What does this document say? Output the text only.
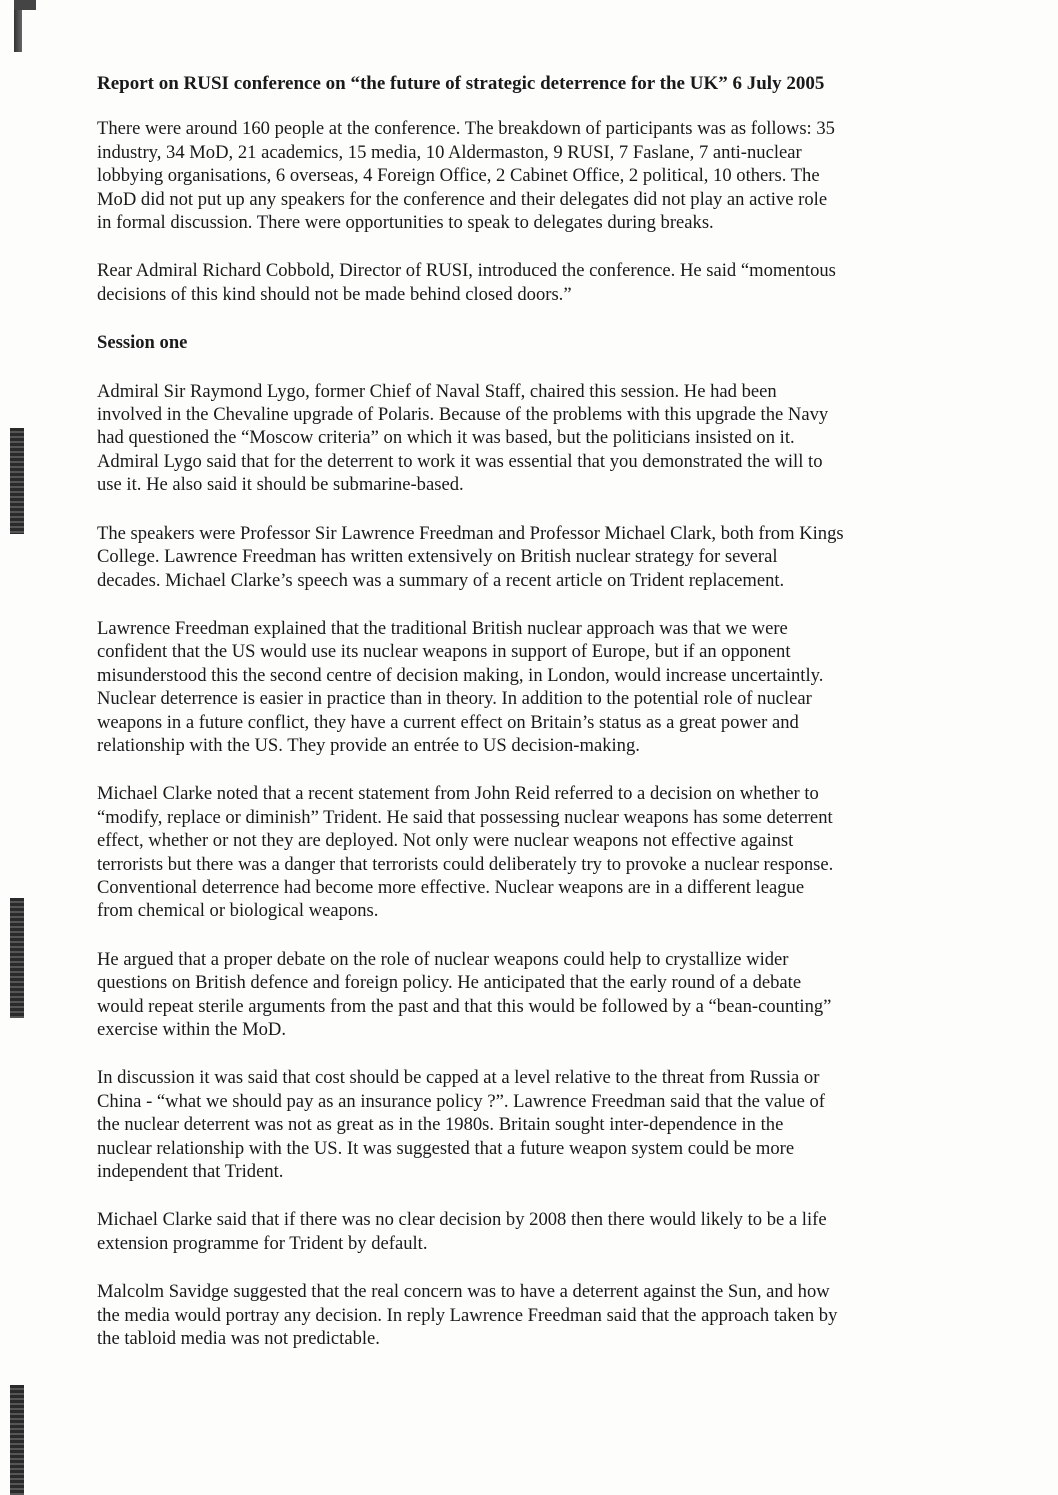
Report on RUSI conference on “the future of strategic deterrence for the UK” 6 July 2005
There were around 160 people at the conference. The breakdown of participants was as follows: 35
industry, 34 MoD, 21 academics, 15 media, 10 Aldermaston, 9 RUSI, 7 Faslane, 7 anti-nuclear
lobbying organisations, 6 overseas, 4 Foreign Office, 2 Cabinet Office, 2 political, 10 others. The
MoD did not put up any speakers for the conference and their delegates did not play an active role
in formal discussion. There were opportunities to speak to delegates during breaks.
Rear Admiral Richard Cobbold, Director of RUSI, introduced the conference. He said “momentous
decisions of this kind should not be made behind closed doors.”
Session one
Admiral Sir Raymond Lygo, former Chief of Naval Staff, chaired this session. He had been
involved in the Chevaline upgrade of Polaris. Because of the problems with this upgrade the Navy
had questioned the “Moscow criteria” on which it was based, but the politicians insisted on it.
Admiral Lygo said that for the deterrent to work it was essential that you demonstrated the will to
use it. He also said it should be submarine-based.
The speakers were Professor Sir Lawrence Freedman and Professor Michael Clark, both from Kings
College. Lawrence Freedman has written extensively on British nuclear strategy for several
decades. Michael Clarke’s speech was a summary of a recent article on Trident replacement.
Lawrence Freedman explained that the traditional British nuclear approach was that we were
confident that the US would use its nuclear weapons in support of Europe, but if an opponent
misunderstood this the second centre of decision making, in London, would increase uncertaintly.
Nuclear deterrence is easier in practice than in theory. In addition to the potential role of nuclear
weapons in a future conflict, they have a current effect on Britain’s status as a great power and
relationship with the US. They provide an entrée to US decision-making.
Michael Clarke noted that a recent statement from John Reid referred to a decision on whether to
“modify, replace or diminish” Trident. He said that possessing nuclear weapons has some deterrent
effect, whether or not they are deployed. Not only were nuclear weapons not effective against
terrorists but there was a danger that terrorists could deliberately try to provoke a nuclear response.
Conventional deterrence had become more effective. Nuclear weapons are in a different league
from chemical or biological weapons.
He argued that a proper debate on the role of nuclear weapons could help to crystallize wider
questions on British defence and foreign policy. He anticipated that the early round of a debate
would repeat sterile arguments from the past and that this would be followed by a “bean-counting”
exercise within the MoD.
In discussion it was said that cost should be capped at a level relative to the threat from Russia or
China - “what we should pay as an insurance policy ?”. Lawrence Freedman said that the value of
the nuclear deterrent was not as great as in the 1980s. Britain sought inter-dependence in the
nuclear relationship with the US. It was suggested that a future weapon system could be more
independent that Trident.
Michael Clarke said that if there was no clear decision by 2008 then there would likely to be a life
extension programme for Trident by default.
Malcolm Savidge suggested that the real concern was to have a deterrent against the Sun, and how
the media would portray any decision. In reply Lawrence Freedman said that the approach taken by
the tabloid media was not predictable.
